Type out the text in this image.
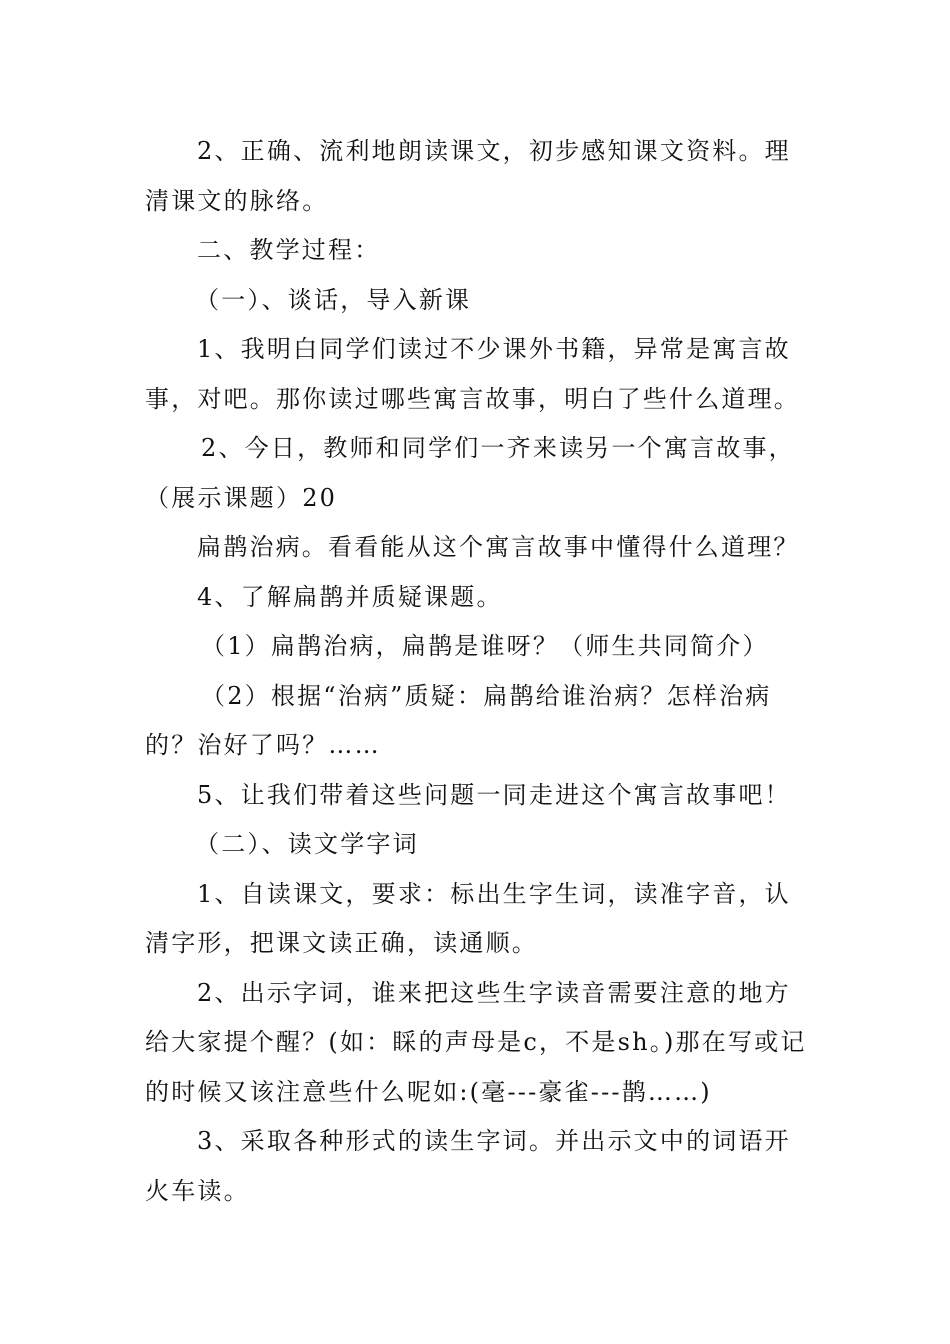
2、正确、流利地朗读课文，初步感知课文资料。理清课文的脉络。

二、教学过程：

（一）、谈话，导入新课

1、我明白同学们读过不少课外书籍，异常是寓言故事，对吧。那你读过哪些寓言故事，明白了些什么道理。

2、今日，教师和同学们一齐来读另一个寓言故事，（展示课题）20

扁鹊治病。看看能从这个寓言故事中懂得什么道理？

4、了解扁鹊并质疑课题。

（1）扁鹊治病，扁鹊是谁呀？（师生共同简介）

（2）根据“治病”质疑：扁鹊给谁治病？怎样治病的？治好了吗？……

5、让我们带着这些问题一同走进这个寓言故事吧！

（二）、读文学字词

1、自读课文，要求：标出生字生词，读准字音，认清字形，把课文读正确，读通顺。

2、出示字词，谁来把这些生字读音需要注意的地方给大家提个醒？(如：睬的声母是c，不是sh。)那在写或记的时候又该注意些什么呢如:(毫---豪雀---鹊……)

3、采取各种形式的读生字词。并出示文中的词语开火车读。
